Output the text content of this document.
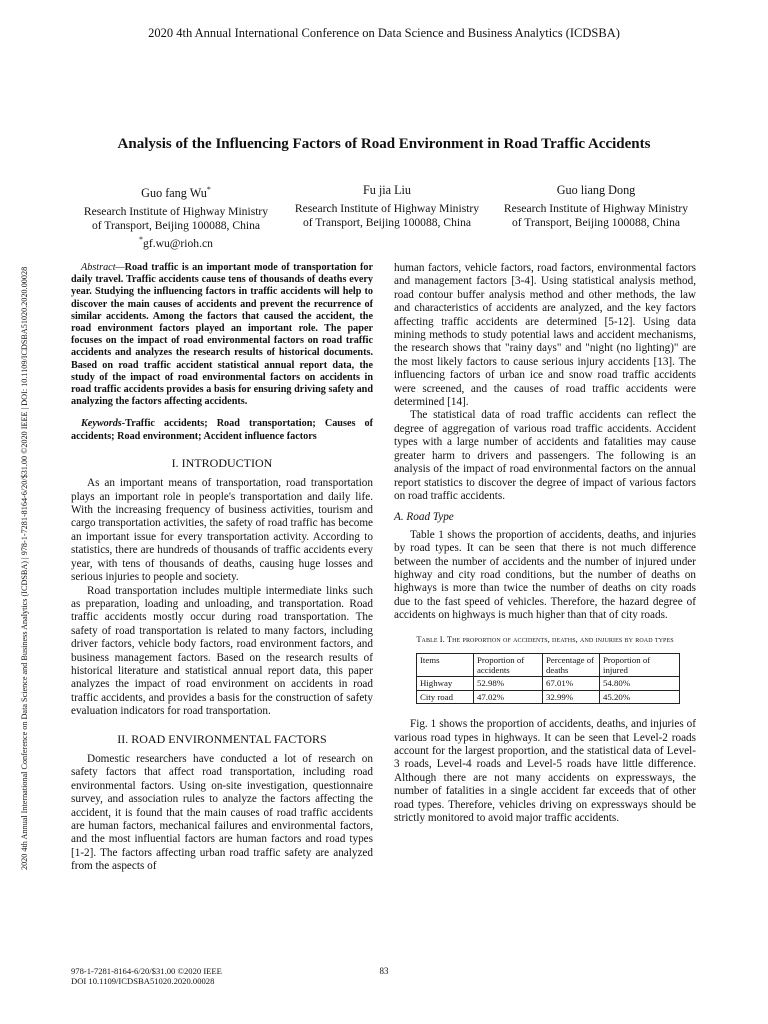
2020 4th Annual International Conference on Data Science and Business Analytics (ICDSBA)
2020 4th Annual International Conference on Data Science and Business Analytics (ICDSBA) | 978-1-7281-8164-6/20/$31.00 ©2020 IEEE | DOI: 10.1109/ICDSBA51020.2020.00028
Analysis of the Influencing Factors of Road Environment in Road Traffic Accidents
Guo fang Wu*
Research Institute of Highway Ministry
of Transport, Beijing 100088, China
*gf.wu@rioh.cn
Fu jia Liu
Research Institute of Highway Ministry
of Transport, Beijing 100088, China
Guo liang Dong
Research Institute of Highway Ministry
of Transport, Beijing 100088, China

Abstract—Road traffic is an important mode of transportation for daily travel. Traffic accidents cause tens of thousands of deaths every year. Studying the influencing factors in traffic accidents will help to discover the main causes of accidents and prevent the recurrence of similar accidents. Among the factors that caused the accident, the road environment factors played an important role. The paper focuses on the impact of road environmental factors on road traffic accidents and analyzes the research results of historical documents. Based on road traffic accident statistical annual report data, the study of the impact of road environmental factors on accidents in road traffic accidents provides a basis for ensuring driving safety and analyzing the factors affecting accidents.

Keywords-Traffic accidents; Road transportation; Causes of accidents; Road environment; Accident influence factors

I. INTRODUCTION

As an important means of transportation, road transportation plays an important role in people's transportation and daily life. With the increasing frequency of business activities, tourism and cargo transportation activities, the safety of road traffic has become an important issue for every transportation activity. According to statistics, there are hundreds of thousands of traffic accidents every year, with tens of thousands of deaths, causing huge losses and serious injuries to people and society.

Road transportation includes multiple intermediate links such as preparation, loading and unloading, and transportation. Road traffic accidents mostly occur during road transportation. The safety of road transportation is related to many factors, including driver factors, vehicle body factors, road environment factors, and business management factors. Based on the research results of historical literature and statistical annual report data, this paper analyzes the impact of road environment on accidents in road traffic accidents, and provides a basis for the construction of safety evaluation indicators for road transportation.

II. ROAD ENVIRONMENTAL FACTORS

Domestic researchers have conducted a lot of research on safety factors that affect road transportation, including road environmental factors. Using on-site investigation, questionnaire survey, and association rules to analyze the factors affecting the accident, it is found that the main causes of road traffic accidents are human factors, mechanical failures and environmental factors, and the most influential factors are human factors and road types [1-2]. The factors affecting urban road traffic safety are analyzed from the aspects of

human factors, vehicle factors, road factors, environmental factors and management factors [3-4]. Using statistical analysis method, road contour buffer analysis method and other methods, the law and characteristics of accidents are analyzed, and the key factors affecting traffic accidents are determined [5-12]. Using data mining methods to study potential laws and accident mechanisms, the research shows that "rainy days" and "night (no lighting)" are the most likely factors to cause serious injury accidents [13]. The influencing factors of urban ice and snow road traffic accidents were screened, and the causes of road traffic accidents were determined [14].

The statistical data of road traffic accidents can reflect the degree of aggregation of various road traffic accidents. Accident types with a large number of accidents and fatalities may cause greater harm to drivers and passengers. The following is an analysis of the impact of road environmental factors on the annual report statistics to discover the degree of impact of various factors on road traffic accidents.

A. Road Type

Table 1 shows the proportion of accidents, deaths, and injuries by road types. It can be seen that there is not much difference between the number of accidents and the number of injured under highway and city road conditions, but the number of deaths on highways is more than twice the number of deaths on city roads due to the fast speed of vehicles. Therefore, the hazard degree of accidents on highways is much higher than that of city roads.

Table I. The proportion of accidents, deaths, and injuries by road types
Items	Proportion of accidents	Percentage of deaths	Proportion of injured
Highway	52.98%	67.01%	54.80%
City road	47.02%	32.99%	45.20%

Fig. 1 shows the proportion of accidents, deaths, and injuries of various road types in highways. It can be seen that Level-2 roads account for the largest proportion, and the statistical data of Level-3 roads, Level-4 roads and Level-5 roads have little difference. Although there are not many accidents on expressways, the number of fatalities in a single accident far exceeds that of other road types. Therefore, vehicles driving on expressways should be strictly monitored to avoid major traffic accidents.

978-1-7281-8164-6/20/$31.00 ©2020 IEEE
DOI 10.1109/ICDSBA51020.2020.00028
83
